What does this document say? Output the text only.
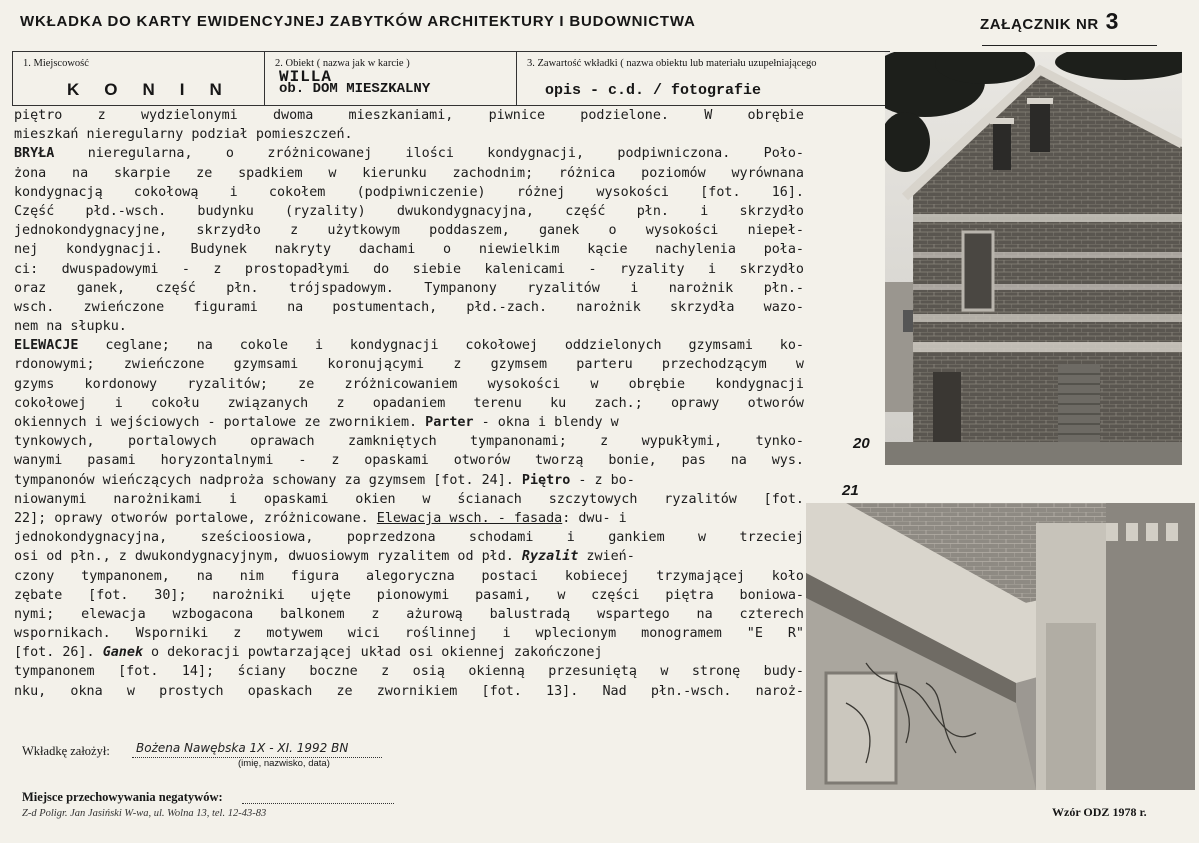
WKŁADKA DO KARTY EWIDENCYJNEJ ZABYTKÓW ARCHITEKTURY I BUDOWNICTWA	ZAŁĄCZNIK NR 3
1. Miejscowość
KONIN
2. Obiekt ( nazwa jak w karcie )
WILLA
ob. DOM MIESZKALNY
3. Zawartość wkładki ( nazwa obiektu lub materiału uzupełniającego
opis - c.d. / fotografie
piętro z wydzielonymi dwoma mieszkaniami, piwnice podzielone. W obrębie
mieszkań nieregularny podział pomieszczeń.
BRYŁA nieregularna, o zróżnicowanej ilości kondygnacji, podpiwniczona. Poło-
żona na skarpie ze spadkiem w kierunku zachodnim; różnica poziomów wyrównana
kondygnacją cokołową i cokołem (podpiwniczenie) różnej wysokości [fot. 16].
Część płd.-wsch. budynku (ryzality) dwukondygnacyjna, część płn. i skrzydło
jednokondygnacyjne, skrzydło z użytkowym poddaszem, ganek o wysokości niepeł-
nej kondygnacji. Budynek nakryty dachami o niewielkim kącie nachylenia poła-
ci: dwuspadowymi - z prostopadłymi do siebie kalenicami - ryzality i skrzydło
oraz ganek, część płn. trójspadowym. Tympanony ryzalitów i narożnik płn.-
wsch. zwieńczone figurami na postumentach, płd.-zach. narożnik skrzydła wazo-
nem na słupku.
ELEWACJE ceglane; na cokole i kondygnacji cokołowej oddzielonych gzymsami ko-
rdonowymi; zwieńczone gzymsami koronującymi z gzymsem parteru przechodzącym w
gzyms kordonowy ryzalitów; ze zróżnicowaniem wysokości w obrębie kondygnacji
cokołowej i cokołu związanych z opadaniem terenu ku zach.; oprawy otworów
okiennych i wejściowych - portalowe ze zwornikiem. Parter - okna i blendy w
tynkowych, portalowych oprawach zamkniętych tympanonami; z wypukłymi, tynko-
wanymi pasami horyzontalnymi - z opaskami otworów tworzą bonie, pas na wys.
tympanonów wieńczących nadproża schowany za gzymsem [fot. 24]. Piętro - z bo-
niowanymi narożnikami i opaskami okien w ścianach szczytowych ryzalitów [fot.
22]; oprawy otworów portalowe, zróżnicowane. Elewacja wsch. - fasada: dwu- i
jednokondygnacyjna, sześcioosiowa, poprzedzona schodami i gankiem w trzeciej
osi od płn., z dwukondygnacyjnym, dwuosiowym ryzalitem od płd. Ryzalit zwień-
czony tympanonem, na nim figura alegoryczna postaci kobiecej trzymającej koło
zębate [fot. 30]; narożniki ujęte pionowymi pasami, w części piętra boniowa-
nymi; elewacja wzbogacona balkonem z ażurową balustradą wspartego na czterech
wspornikach. Wsporniki z motywem wici roślinnej i wplecionym monogramem "E R"
[fot. 26]. Ganek o dekoracji powtarzającej układ osi okiennej zakończonej
tympanonem [fot. 14]; ściany boczne z osią okienną przesuniętą w stronę budy-
nku, okna w prostych opaskach ze zwornikiem [fot. 13]. Nad płn.-wsch. naroż-
20
21
Wkładkę założył: Bożena Nawębska 1X - XI. 1992 BN
(imię, nazwisko, data)
Miejsce przechowywania negatywów:
Z-d Poligr. Jan Jasiński W-wa, ul. Wolna 13, tel. 12-43-83	Wzór ODZ 1978 r.
